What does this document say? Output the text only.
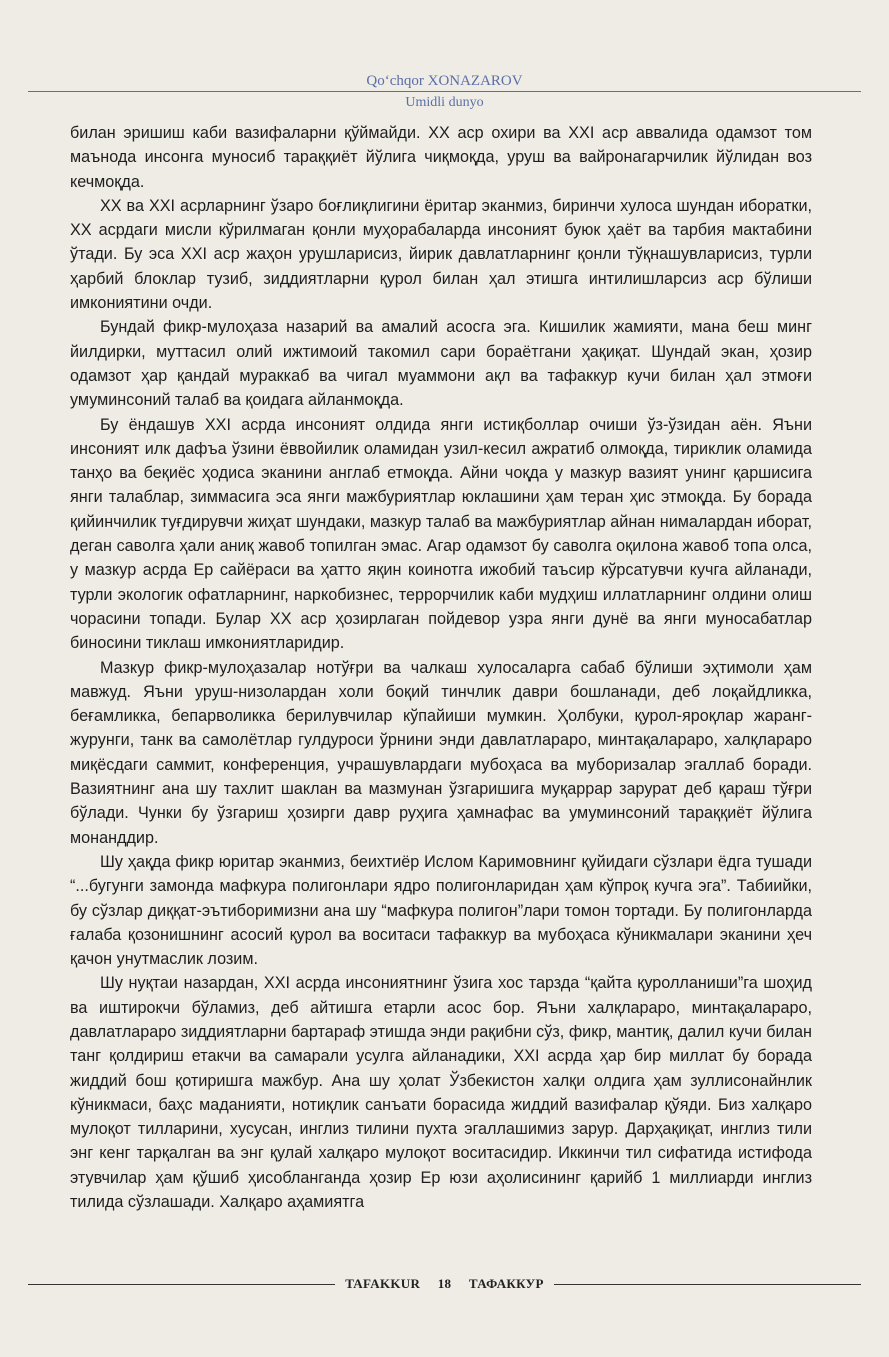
Qo‘chqor XONAZAROV
Umidli dunyo

билан эришиш каби вазифаларни қўймайди. XX аср охири ва XXI аср аввалида одамзот том маънода инсонга муносиб тараққиёт йўлига чиқмоқда, уруш ва вайронагарчилик йўлидан воз кечмоқда.

XX ва XXI асрларнинг ўзаро боғлиқлигини ёритар эканмиз, биринчи хулоса шундан иборатки, XX асрдаги мисли кўрилмаган қонли муҳорабаларда инсоният буюк ҳаёт ва тарбия мактабини ўтади. Бу эса XXI аср жаҳон урушларисиз, йирик давлатларнинг қонли тўқнашувларисиз, турли ҳарбий блоклар тузиб, зиддиятларни қурол билан ҳал этишга интилишларсиз аср бўлиши имкониятини очди.

Бундай фикр-мулоҳаза назарий ва амалий асосга эга. Кишилик жамияти, мана беш минг йилдирки, муттасил олий ижтимоий такомил сари бораётгани ҳақиқат. Шундай экан, ҳозир одамзот ҳар қандай мураккаб ва чигал муаммони ақл ва тафаккур кучи билан ҳал этмоғи умуминсоний талаб ва қоидага айланмоқда.

Бу ёндашув XXI асрда инсоният олдида янги истиқболлар очиши ўз-ўзидан аён. Яъни инсоният илк дафъа ўзини ёввойилик оламидан узил-кесил ажратиб олмоқда, тириклик оламида танҳо ва беқиёс ҳодиса эканини англаб етмоқда. Айни чоқда у мазкур вазият унинг қаршисига янги талаблар, зиммасига эса янги мажбуриятлар юклашини ҳам теран ҳис этмоқда. Бу борада қийинчилик туғдирувчи жиҳат шундаки, мазкур талаб ва мажбуриятлар айнан нималардан иборат, деган саволга ҳали аниқ жавоб топилган эмас. Агар одамзот бу саволга оқилона жавоб топа олса, у мазкур асрда Ер сайёраси ва ҳатто яқин коинотга ижобий таъсир кўрсатувчи кучга айланади, турли экологик офатларнинг, наркобизнес, террорчилик каби мудҳиш иллатларнинг олдини олиш чорасини топади. Булар XX аср ҳозирлаган пойдевор узра янги дунё ва янги муносабатлар биносини тиклаш имкониятларидир.

Мазкур фикр-мулоҳазалар нотўғри ва чалкаш хулосаларга сабаб бўлиши эҳтимоли ҳам мавжуд. Яъни уруш-низолардан холи боқий тинчлик даври бошланади, деб лоқайдликка, беғамликка, бепарволикка берилувчилар кўпайиши мумкин. Ҳолбуки, қурол-яроқлар жаранг-журунги, танк ва самолётлар гулдуроси ўрнини энди давлатлараро, минтақалараро, халқлараро миқёсдаги саммит, конференция, учрашувлардаги мубоҳаса ва муборизалар эгаллаб боради. Вазиятнинг ана шу тахлит шаклан ва мазмунан ўзгаришига муқаррар зарурат деб қараш тўғри бўлади. Чунки бу ўзгариш ҳозирги давр руҳига ҳамнафас ва умуминсоний тараққиёт йўлига монанддир.

Шу ҳақда фикр юритар эканмиз, беихтиёр Ислом Каримовнинг қуйидаги сўзлари ёдга тушади “...бугунги замонда мафкура полигонлари ядро полигонларидан ҳам кўпроқ кучга эга”. Табиийки, бу сўзлар диққат-эътиборимизни ана шу “мафкура полигон”лари томон тортади. Бу полигонларда ғалаба қозонишнинг асосий қурол ва воситаси тафаккур ва мубоҳаса кўникмалари эканини ҳеч қачон унутмаслик лозим.

Шу нуқтаи назардан, XXI асрда инсониятнинг ўзига хос тарзда “қайта қуролланиши”га шоҳид ва иштирокчи бўламиз, деб айтишга етарли асос бор. Яъни халқлараро, минтақалараро, давлатлараро зиддиятларни бартараф этишда энди рақибни сўз, фикр, мантиқ, далил кучи билан танг қолдириш етакчи ва самарали усулга айланадики, XXI асрда ҳар бир миллат бу борада жиддий бош қотиришга мажбур. Ана шу ҳолат Ўзбекистон халқи олдига ҳам зуллисонайнлик кўникмаси, баҳс маданияти, нотиқлик санъати борасида жиддий вазифалар қўяди. Биз халқаро мулоқот тилларини, хусусан, инглиз тилини пухта эгаллашимиз зарур. Дарҳақиқат, инглиз тили энг кенг тарқалган ва энг қулай халқаро мулоқот воситасидир. Иккинчи тил сифатида истифода этувчилар ҳам қўшиб ҳисобланганда ҳозир Ер юзи аҳолисининг қарийб 1 миллиарди инглиз тилида сўзлашади. Халқаро аҳамиятга

TAFAKKUR 18 ТАФАККУР
